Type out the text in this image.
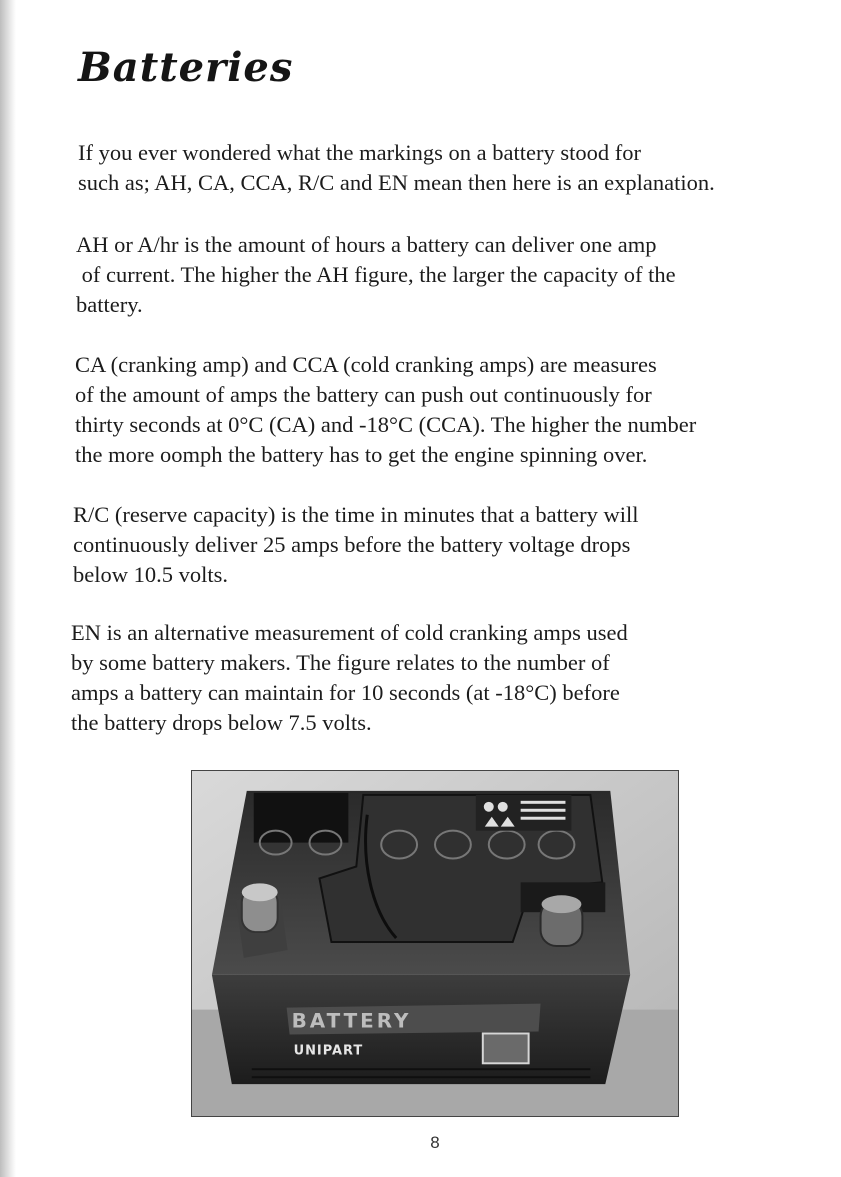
Batteries

If you ever wondered what the markings on a battery stood for
such as; AH, CA, CCA, R/C and EN mean then here is an explanation.

AH or A/hr is the amount of hours a battery can deliver one amp
of current. The higher the AH figure, the larger the capacity of the
battery.

CA (cranking amp) and CCA (cold cranking amps) are measures
of the amount of amps the battery can push out continuously for
thirty seconds at 0°C (CA) and -18°C (CCA). The higher the number
the more oomph the battery has to get the engine spinning over.

R/C (reserve capacity) is the time in minutes that a battery will
continuously deliver 25 amps before the battery voltage drops
below 10.5 volts.

EN is an alternative measurement of cold cranking amps used
by some battery makers. The figure relates to the number of
amps a battery can maintain for 10 seconds (at -18°C) before
the battery drops below 7.5 volts.

BATTERY
UNIPART
8
